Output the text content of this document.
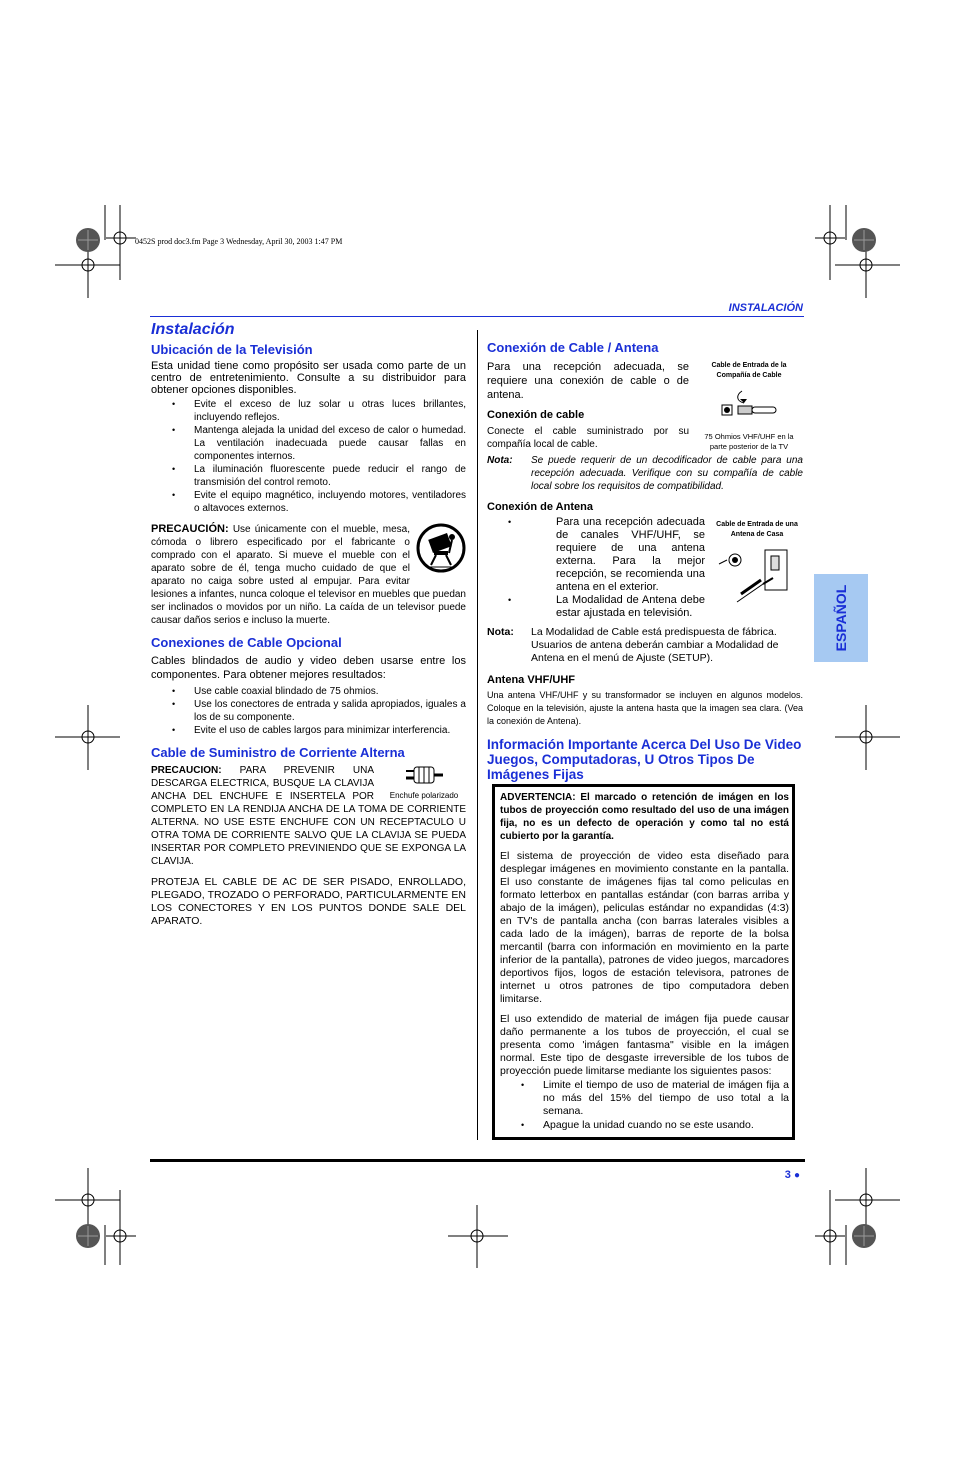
0452S prod doc3.fm Page 3 Wednesday, April 30, 2003 1:47 PM
INSTALACIÓN
ESPAÑOL
Instalación
Ubicación de la Televisión

Esta unidad tiene como propósito ser usada como parte de un centro de entretenimiento. Consulte a su distribuidor para obtener opciones disponibles.

• Evite el exceso de luz solar u otras luces brillantes, incluyendo reflejos.
• Mantenga alejada la unidad del exceso de calor o humedad. La ventilación inadecuada puede causar fallas en componentes internos.
• La iluminación fluorescente puede reducir el rango de transmisión del control remoto.
• Evite el equipo magnético, incluyendo motores, ventiladores o altavoces externos.

PRECAUCIÓN: Use únicamente con el mueble, mesa, cómoda o librero especificado por el fabricante o comprado con el aparato. Si mueve el mueble con el aparato sobre de él, tenga mucho cuidado de que el aparato no caiga sobre usted al empujar. Para evitar lesiones a infantes, nunca coloque el televisor en muebles que puedan ser inclinados o movidos por un niño. La caída de un televisor puede causar daños serios e incluso la muerte.

Conexiones de Cable Opcional

Cables blindados de audio y video deben usarse entre los componentes. Para obtener mejores resultados:

• Use cable coaxial blindado de 75 ohmios.
• Use los conectores de entrada y salida apropiados, iguales a los de su componente.
• Evite el uso de cables largos para minimizar interferencia.
Cable de Suministro de Corriente Alterna
Enchufe polarizado

PRECAUCION: PARA PREVENIR UNA DESCARGA ELECTRICA, BUSQUE LA CLAVIJA ANCHA DEL ENCHUFE E INSERTELA POR COMPLETO EN LA RENDIJA ANCHA DE LA TOMA DE CORRIENTE ALTERNA. NO USE ESTE ENCHUFE CON UN RECEPTACULO U OTRA TOMA DE CORRIENTE SALVO QUE LA CLAVIJA SE PUEDA INSERTAR POR COMPLETO PREVINIENDO QUE SE EXPONGA LA CLAVIJA.

PROTEJA EL CABLE DE AC DE SER PISADO, ENROLLADO, PLEGADO, TROZADO O PERFORADO, PARTICULARMENTE EN LOS CONECTORES Y EN LOS PUNTOS DONDE SALE DEL APARATO.

Conexión de Cable / Antena
Cable de Entrada de la Compañía de Cable
75 Ohmios VHF/UHF en la parte posterior de la TV

Para una recepción adecuada, se requiere una conexión de cable o de antena.

Conexión de cable

Conecte el cable suministrado por su compañía local de cable.

Nota:	Se puede requerir de un decodificador de cable para una recepción adecuada. Verifique con su compañía de cable local sobre los requisitos de compatibilidad.
Conexión de Antena
Cable de Entrada de una Antena de Casa
• Para una recepción adecuada de canales VHF/UHF, se requiere de una antena externa. Para la mejor recepción, se recomienda una antena en el exterior.
• La Modalidad de Antena debe estar ajustada en televisión.
Nota:	La Modalidad de Cable está predispuesta de fábrica. Usuarios de antena deberán cambiar a Modalidad de Antena en el menú de Ajuste (SETUP).
Antena VHF/UHF

Una antena VHF/UHF y su transformador se incluyen en algunos modelos. Coloque en la televisión, ajuste la antena hasta que la imagen sea clara. (Vea la conexión de Antena).

Información Importante Acerca Del Uso De Video Juegos, Computadoras, U Otros Tipos De Imágenes Fijas

ADVERTENCIA: El marcado o retención de imágen en los tubos de proyección como resultado del uso de una imágen fija, no es un defecto de operación y como tal no está cubierto por la garantía.

El sistema de proyección de video esta diseñado para desplegar imágenes en movimiento constante en la pantalla. El uso constante de imágenes fijas tal como peliculas en formato letterbox en pantallas estándar (con barras arriba y abajo de la imágen), peliculas estándar no expandidas (4:3) en TV's de pantalla ancha (con barras laterales visibles a cada lado de la imágen), barras de reporte de la bolsa mercantil (barra con información en movimiento en la parte inferior de la pantalla), patrones de video juegos, marcadores deportivos fijos, logos de estación televisora, patrones de internet u otros patrones de tipo computadora deben limitarse.

El uso extendido de material de imágen fija puede causar daño permanente a los tubos de proyección, el cual se presenta como 'imágen fantasma" visible en la imágen normal. Este tipo de desgaste irreversible de los tubos de proyección puede limitarse mediante los siguientes pasos:

• Limite el tiempo de uso de material de imágen fija a no más del 15% del tiempo de uso total a la semana.
• Apague la unidad cuando no se este usando.
3 ●
